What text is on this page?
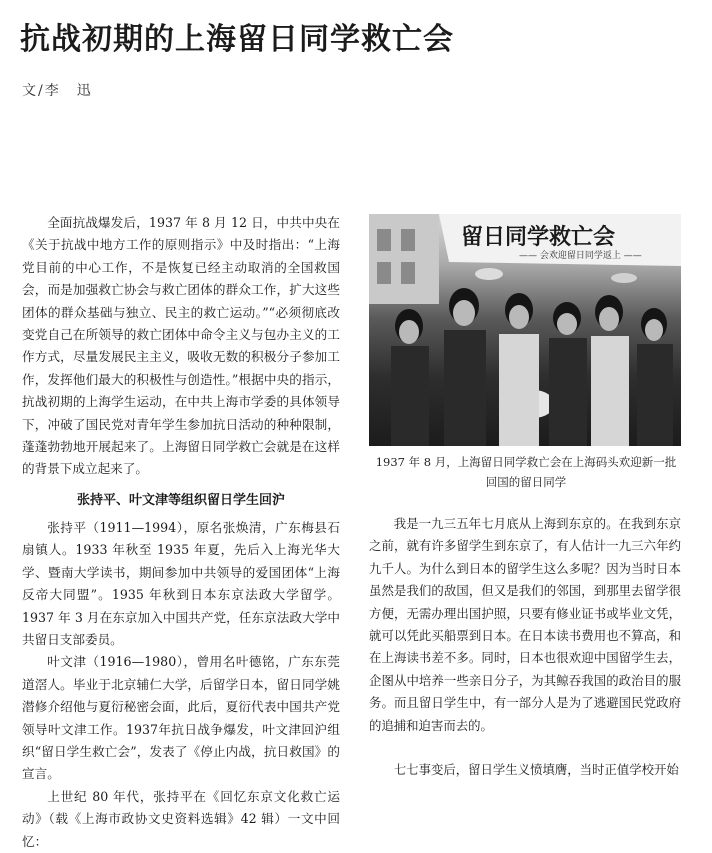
抗战初期的上海留日同学救亡会
文/李　迅

全面抗战爆发后，1937 年 8 月 12 日，中共中央在《关于抗战中地方工作的原则指示》中及时指出：“上海党目前的中心工作，不是恢复已经主动取消的全国救国会，而是加强救亡协会与救亡团体的群众工作，扩大这些团体的群众基础与独立、民主的救亡运动。”“必须彻底改变党自己在所领导的救亡团体中命令主义与包办主义的工作方式，尽量发展民主主义，吸收无数的积极分子参加工作，发挥他们最大的积极性与创造性。”根据中央的指示，抗战初期的上海学生运动，在中共上海市学委的具体领导下，冲破了国民党对青年学生参加抗日活动的种种限制，蓬蓬勃勃地开展起来了。上海留日同学救亡会就是在这样的背景下成立起来了。

张持平、叶文津等组织留日学生回沪

张持平（1911—1994），原名张焕清，广东梅县石扇镇人。1933 年秋至 1935 年夏，先后入上海光华大学、暨南大学读书，期间参加中共领导的爱国团体“上海反帝大同盟”。1935 年秋到日本东京法政大学留学。1937 年 3 月在东京加入中国共产党，任东京法政大学中共留日支部委员。

叶文津（1916—1980），曾用名叶德铭，广东东莞道滘人。毕业于北京辅仁大学，后留学日本，留日同学姚潜修介绍他与夏衍秘密会面，此后，夏衍代表中国共产党领导叶文津工作。1937年抗日战争爆发，叶文津回沪组织“留日学生救亡会”，发表了《停止内战，抗日救国》的宣言。

上世纪 80 年代，张持平在《回忆东京文化救亡运动》（载《上海市政协文史资料选辑》42 辑）一文中回忆：

留日同学救亡会
—— 会欢迎留日同学返上 ——
1937 年 8 月，上海留日同学救亡会在上海码头欢迎新一批回国的留日同学

我是一九三五年七月底从上海到东京的。在我到东京之前，就有许多留学生到东京了，有人估计一九三六年约九千人。为什么到日本的留学生这么多呢？因为当时日本虽然是我们的敌国，但又是我们的邻国，到那里去留学很方便，无需办理出国护照，只要有修业证书或毕业文凭，就可以凭此买船票到日本。在日本读书费用也不算高，和在上海读书差不多。同时，日本也很欢迎中国留学生去，企图从中培养一些亲日分子，为其鲸吞我国的政治目的服务。而且留日学生中，有一部分人是为了逃避国民党政府的追捕和迫害而去的。

七七事变后，留日学生义愤填膺，当时正值学校开始
